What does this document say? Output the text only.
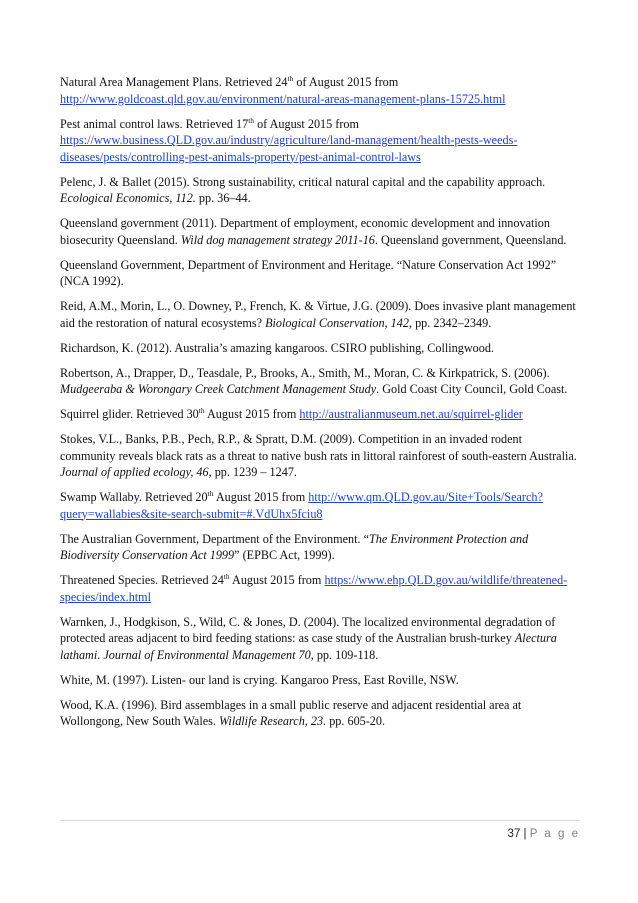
Natural Area Management Plans. Retrieved 24th of August 2015 from http://www.goldcoast.qld.gov.au/environment/natural-areas-management-plans-15725.html

Pest animal control laws. Retrieved 17th of August 2015 from https://www.business.QLD.gov.au/industry/agriculture/land-management/health-pests-weeds-diseases/pests/controlling-pest-animals-property/pest-animal-control-laws

Pelenc, J. & Ballet (2015). Strong sustainability, critical natural capital and the capability approach. Ecological Economics, 112. pp. 36–44.

Queensland government (2011). Department of employment, economic development and innovation biosecurity Queensland. Wild dog management strategy 2011-16. Queensland government, Queensland.

Queensland Government, Department of Environment and Heritage. “Nature Conservation Act 1992” (NCA 1992).

Reid, A.M., Morin, L., O. Downey, P., French, K. & Virtue, J.G. (2009). Does invasive plant management aid the restoration of natural ecosystems? Biological Conservation, 142, pp. 2342–2349.

Richardson, K. (2012). Australia’s amazing kangaroos. CSIRO publishing, Collingwood.

Robertson, A., Drapper, D., Teasdale, P., Brooks, A., Smith, M., Moran, C. & Kirkpatrick, S. (2006). Mudgeeraba & Worongary Creek Catchment Management Study. Gold Coast City Council, Gold Coast.

Squirrel glider. Retrieved 30th August 2015 from http://australianmuseum.net.au/squirrel-glider

Stokes, V.L., Banks, P.B., Pech, R.P., & Spratt, D.M. (2009). Competition in an invaded rodent community reveals black rats as a threat to native bush rats in littoral rainforest of south-eastern Australia. Journal of applied ecology, 46, pp. 1239 – 1247.

Swamp Wallaby. Retrieved 20th August 2015 from http://www.qm.QLD.gov.au/Site+Tools/Search?query=wallabies&site-search-submit=#.VdUhx5fciu8

The Australian Government, Department of the Environment. “The Environment Protection and Biodiversity Conservation Act 1999” (EPBC Act, 1999).

Threatened Species. Retrieved 24th August 2015 from https://www.ehp.QLD.gov.au/wildlife/threatened-species/index.html

Warnken, J., Hodgkison, S., Wild, C. & Jones, D. (2004). The localized environmental degradation of protected areas adjacent to bird feeding stations: as case study of the Australian brush-turkey Alectura lathami. Journal of Environmental Management 70, pp. 109-118.

White, M. (1997). Listen- our land is crying. Kangaroo Press, East Roville, NSW.

Wood, K.A. (1996). Bird assemblages in a small public reserve and adjacent residential area at Wollongong, New South Wales. Wildlife Research, 23. pp. 605-20.

37 | P a g e
